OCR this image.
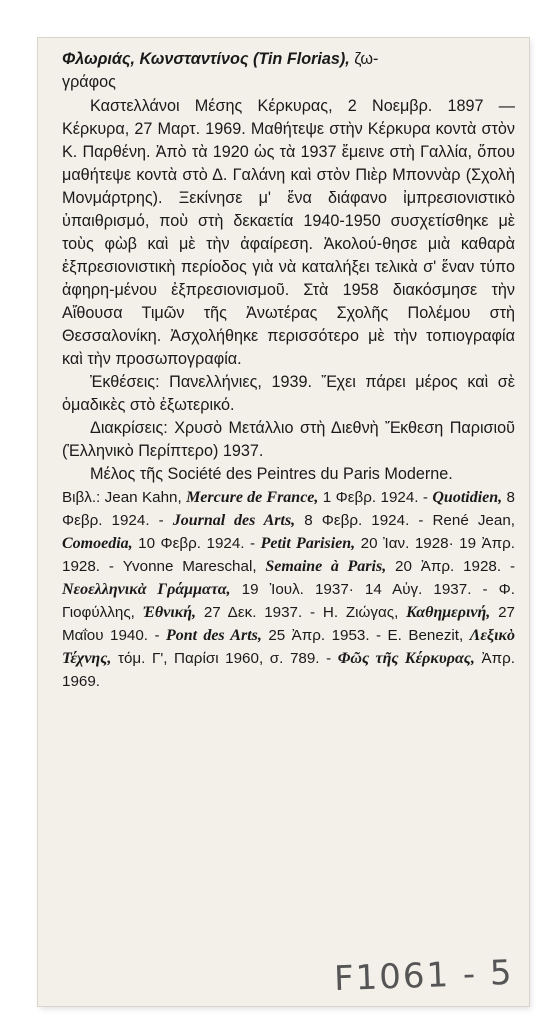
Φλωριάς, Κωνσταντίνος (Tin Florias), ζω-
γράφος

Καστελλάνοι Μέσης Κέρκυρας, 2 Νοεμβρ. 1897 — Κέρκυρα, 27 Μαρτ. 1969. Μαθήτεψε στὴν Κέρκυρα κοντὰ στὸν Κ. Παρθένη. Ἀπὸ τὰ 1920 ὡς τὰ 1937 ἔμεινε στὴ Γαλλία, ὅπου μαθήτεψε κοντὰ στὸ Δ. Γαλάνη καὶ στὸν Πιὲρ Μποννὰρ (Σχολὴ Μονμάρτρης). Ξεκίνησε μ' ἕνα διάφανο ἰμπρεσιονιστικὸ ὑπαιθρισμό, ποὺ στὴ δεκαετία 1940-1950 συσχετίσθηκε μὲ τοὺς φὼβ καὶ μὲ τὴν ἀφαίρεση. Ἀκολού-θησε μιὰ καθαρὰ ἐξπρεσιονιστικὴ περίοδος γιὰ νὰ καταλήξει τελικὰ σ' ἕναν τύπο ἀφηρη-μένου ἐξπρεσιονισμοῦ. Στὰ 1958 διακόσμησε τὴν Αἴθουσα Τιμῶν τῆς Ἀνωτέρας Σχολῆς Πολέμου στὴ Θεσσαλονίκη. Ἀσχολήθηκε περισσότερο μὲ τὴν τοπιογραφία καὶ τὴν προσωπογραφία.

Ἐκθέσεις: Πανελλήνιες, 1939. Ἔχει πάρει μέρος καὶ σὲ ὁμαδικὲς στὸ ἐξωτερικό.

Διακρίσεις: Χρυσὸ Μετάλλιο στὴ Διεθνὴ Ἔκθεση Παρισιοῦ (Ἑλληνικὸ Περίπτερο) 1937.

Μέλος τῆς Société des Peintres du Paris Moderne.

Βιβλ.: Jean Kahn, Mercure de France, 1 Φεβρ. 1924. - Quotidien, 8 Φεβρ. 1924. - Journal des Arts, 8 Φεβρ. 1924. - René Jean, Comoedia, 10 Φεβρ. 1924. - Petit Parisien, 20 Ἰαν. 1928· 19 Ἀπρ. 1928. - Yvonne Mareschal, Semaine à Paris, 20 Ἀπρ. 1928. - Νεοελληνικὰ Γράμματα, 19 Ἰουλ. 1937· 14 Αὐγ. 1937. - Φ. Γιοφύλλης, Ἐθνική, 27 Δεκ. 1937. - Η. Ζιώγας, Καθημερινή, 27 Μαΐου 1940. - Pont des Arts, 25 Ἀπρ. 1953. - E. Benezit, Λεξικὸ Τέχνης, τόμ. Γ', Παρίσι 1960, σ. 789. - Φῶς τῆς Κέρκυρας, Ἀπρ. 1969.

F1061 - 5
